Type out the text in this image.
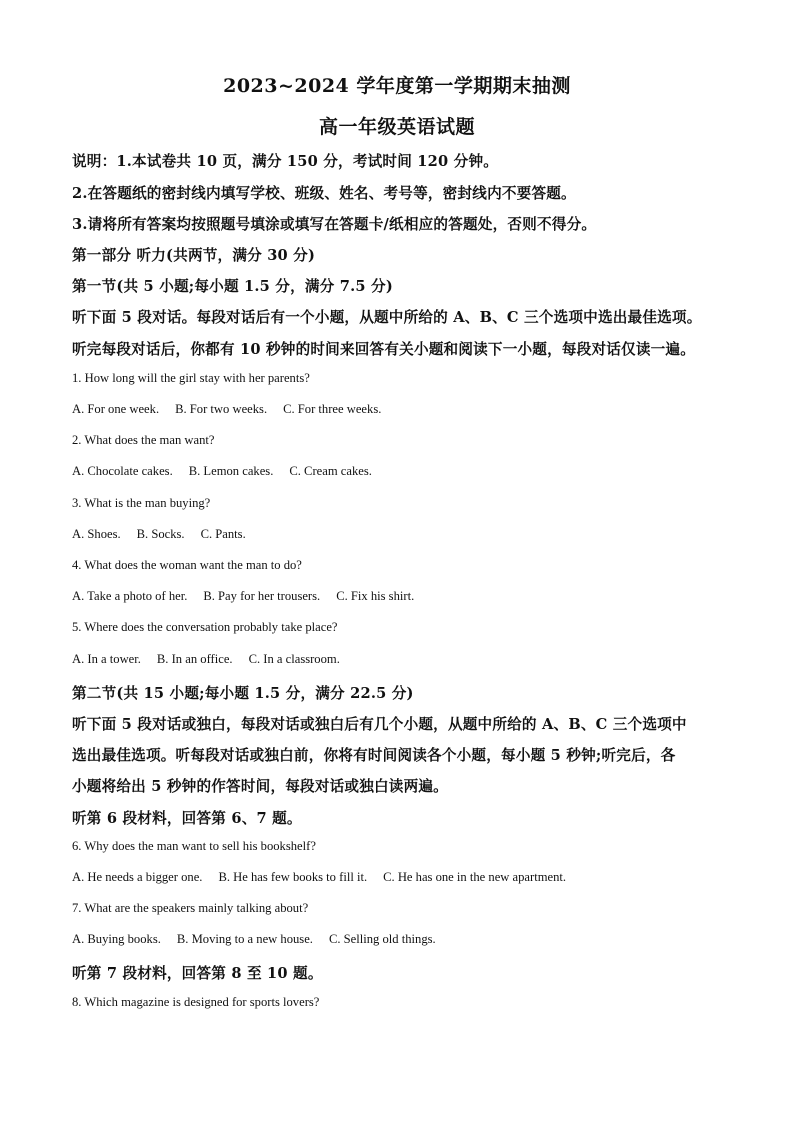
2023~2024 学年度第一学期期末抽测
高一年级英语试题
说明：1.本试卷共 10 页，满分 150 分，考试时间 120 分钟。
2.在答题纸的密封线内填写学校、班级、姓名、考号等，密封线内不要答题。
3.请将所有答案均按照题号填涂或填写在答题卡/纸相应的答题处，否则不得分。
第一部分 听力(共两节，满分 30 分)
第一节(共 5 小题;每小题 1.5 分，满分 7.5 分)
听下面 5 段对话。每段对话后有一个小题，从题中所给的 A、B、C 三个选项中选出最佳选项。
听完每段对话后，你都有 10 秒钟的时间来回答有关小题和阅读下一小题，每段对话仅读一遍。
1. How long will the girl stay with her parents?
A. For one week. B. For two weeks. C. For three weeks.
2. What does the man want?
A. Chocolate cakes. B. Lemon cakes. C. Cream cakes.
3. What is the man buying?
A. Shoes. B. Socks. C. Pants.
4. What does the woman want the man to do?
A. Take a photo of her. B. Pay for her trousers. C. Fix his shirt.
5. Where does the conversation probably take place?
A. In a tower. B. In an office. C. In a classroom.
第二节(共 15 小题;每小题 1.5 分，满分 22.5 分)
听下面 5 段对话或独白，每段对话或独白后有几个小题，从题中所给的 A、B、C 三个选项中
选出最佳选项。听每段对话或独白前，你将有时间阅读各个小题，每小题 5 秒钟;听完后，各
小题将给出 5 秒钟的作答时间，每段对话或独白读两遍。
听第 6 段材料，回答第 6、7 题。
6. Why does the man want to sell his bookshelf?
A. He needs a bigger one. B. He has few books to fill it. C. He has one in the new apartment.
7. What are the speakers mainly talking about?
A. Buying books. B. Moving to a new house. C. Selling old things.
听第 7 段材料，回答第 8 至 10 题。
8. Which magazine is designed for sports lovers?
